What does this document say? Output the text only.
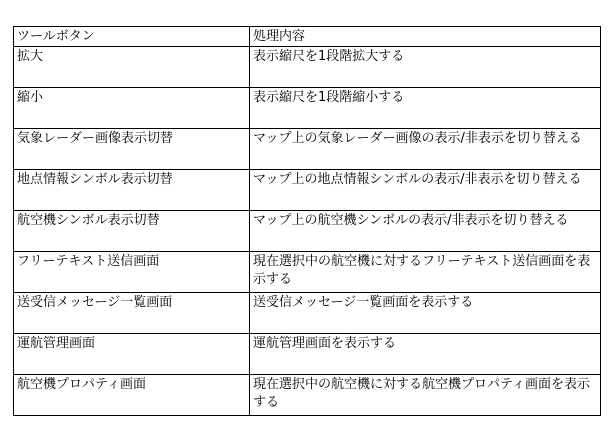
ツールボタン	処理内容
拡大	表示縮尺を1段階拡大する
縮小	表示縮尺を1段階縮小する
気象レーダー画像表示切替	マップ上の気象レーダー画像の表示/非表示を切り替える
地点情報シンボル表示切替	マップ上の地点情報シンボルの表示/非表示を切り替える
航空機シンボル表示切替	マップ上の航空機シンボルの表示/非表示を切り替える
フリーテキスト送信画面	現在選択中の航空機に対するフリーテキスト送信画面を表示する
送受信メッセージ一覧画面	送受信メッセージ一覧画面を表示する
運航管理画面	運航管理画面を表示する
航空機プロパティ画面	現在選択中の航空機に対する航空機プロパティ画面を表示する
